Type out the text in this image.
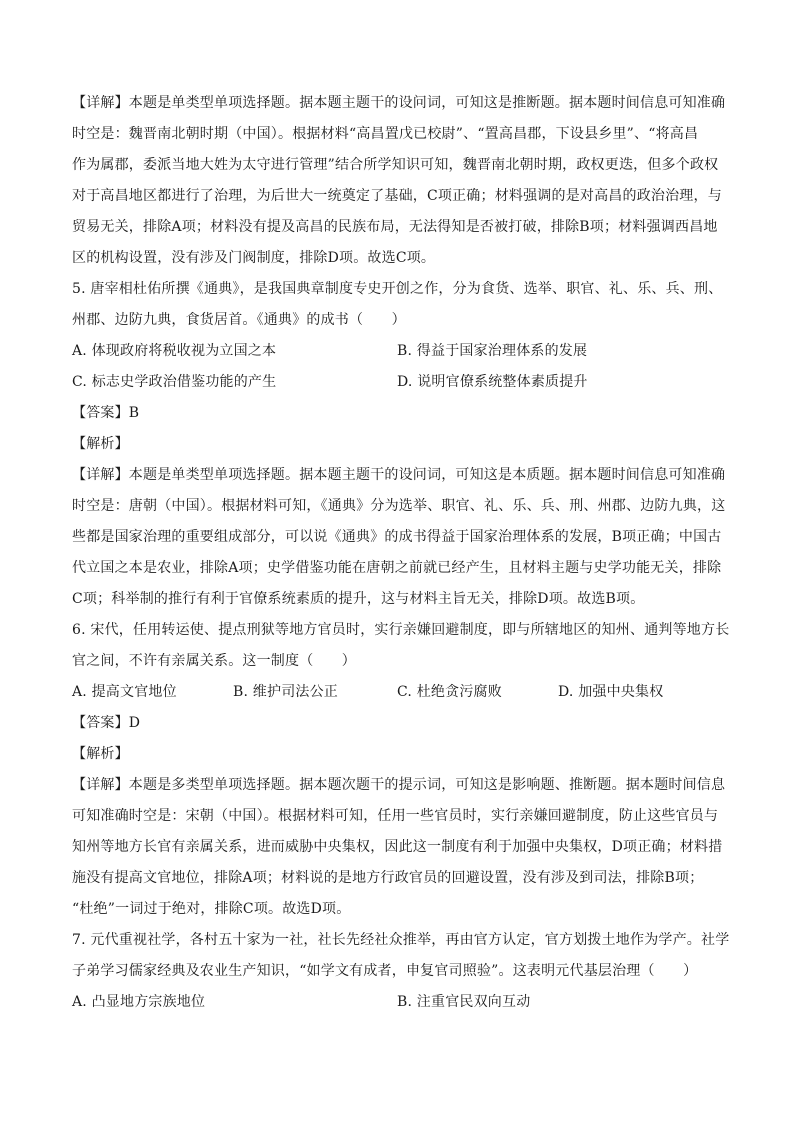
【详解】本题是单类型单项选择题。据本题主题干的设问词，可知这是推断题。据本题时间信息可知准确
时空是：魏晋南北朝时期（中国）。根据材料“高昌置戊已校尉”、“置高昌郡，下设县乡里”、“将高昌
作为属郡，委派当地大姓为太守进行管理”结合所学知识可知，魏晋南北朝时期，政权更迭，但多个政权
对于高昌地区都进行了治理，为后世大一统奠定了基础，C项正确；材料强调的是对高昌的政治治理，与
贸易无关，排除A项；材料没有提及高昌的民族布局，无法得知是否被打破，排除B项；材料强调西昌地
区的机构设置，没有涉及门阀制度，排除D项。故选C项。
5. 唐宰相杜佑所撰《通典》，是我国典章制度专史开创之作，分为食货、选举、职官、礼、乐、兵、刑、
州郡、边防九典，食货居首。《通典》的成书（　　）
A. 体现政府将税收视为立国之本	B. 得益于国家治理体系的发展
C. 标志史学政治借鉴功能的产生	D. 说明官僚系统整体素质提升
【答案】B
【解析】
【详解】本题是单类型单项选择题。据本题主题干的设问词，可知这是本质题。据本题时间信息可知准确
时空是：唐朝（中国）。根据材料可知，《通典》分为选举、职官、礼、乐、兵、刑、州郡、边防九典，这
些都是国家治理的重要组成部分，可以说《通典》的成书得益于国家治理体系的发展，B项正确；中国古
代立国之本是农业，排除A项；史学借鉴功能在唐朝之前就已经产生，且材料主题与史学功能无关，排除
C项；科举制的推行有利于官僚系统素质的提升，这与材料主旨无关，排除D项。故选B项。
6. 宋代，任用转运使、提点刑狱等地方官员时，实行亲嫌回避制度，即与所辖地区的知州、通判等地方长
官之间，不许有亲属关系。这一制度（　　）
A. 提高文官地位	B. 维护司法公正	C. 杜绝贪污腐败	D. 加强中央集权
【答案】D
【解析】
【详解】本题是多类型单项选择题。据本题次题干的提示词，可知这是影响题、推断题。据本题时间信息
可知准确时空是：宋朝（中国）。根据材料可知，任用一些官员时，实行亲嫌回避制度，防止这些官员与
知州等地方长官有亲属关系，进而威胁中央集权，因此这一制度有利于加强中央集权，D项正确；材料措
施没有提高文官地位，排除A项；材料说的是地方行政官员的回避设置，没有涉及到司法，排除B项；
“杜绝”一词过于绝对，排除C项。故选D项。
7. 元代重视社学，各村五十家为一社，社长先经社众推举，再由官方认定，官方划拨土地作为学产。社学
子弟学习儒家经典及农业生产知识，“如学文有成者，申复官司照验”。这表明元代基层治理（　　）
A. 凸显地方宗族地位	B. 注重官民双向互动
